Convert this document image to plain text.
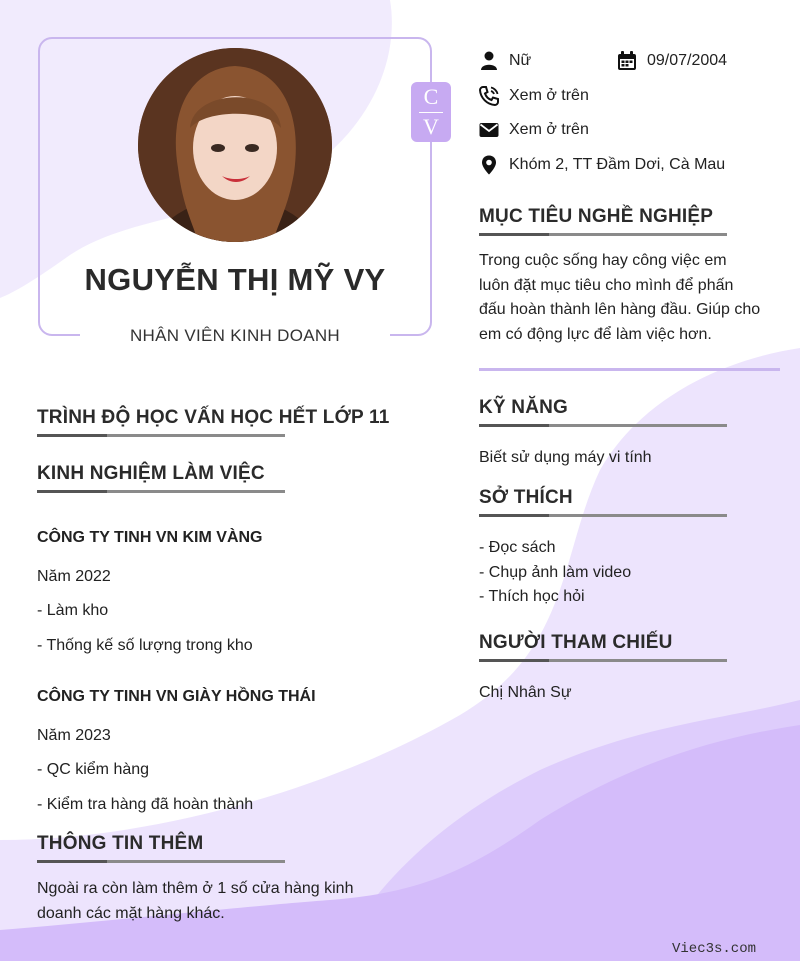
NGUYỄN THỊ MỸ VY
NHÂN VIÊN KINH DOANH
C
V
Nữ	09/07/2004
Xem ở trên
Xem ở trên
Khóm 2, TT Đầm Dơi, Cà Mau
MỤC TIÊU NGHỀ NGHIỆP
Trong cuộc sống hay công việc em
luôn đặt mục tiêu cho mình để phấn
đấu hoàn thành lên hàng đầu. Giúp cho
em có động lực để làm việc hơn.
KỸ NĂNG
Biết sử dụng máy vi tính
SỞ THÍCH
- Đọc sách
- Chụp ảnh làm video
- Thích học hỏi
NGƯỜI THAM CHIẾU
Chị Nhân Sự
TRÌNH ĐỘ HỌC VẤN HỌC HẾT LỚP 11
KINH NGHIỆM LÀM VIỆC
CÔNG TY TINH VN KIM VÀNG
Năm 2022
- Làm kho
- Thống kế số lượng trong kho
CÔNG TY TINH VN GIÀY HỒNG THÁI
Năm 2023
- QC kiểm hàng
- Kiểm tra hàng đã hoàn thành
THÔNG TIN THÊM
Ngoài ra còn làm thêm ở 1 số cửa hàng kinh
doanh các mặt hàng khác.
Viec3s.com
